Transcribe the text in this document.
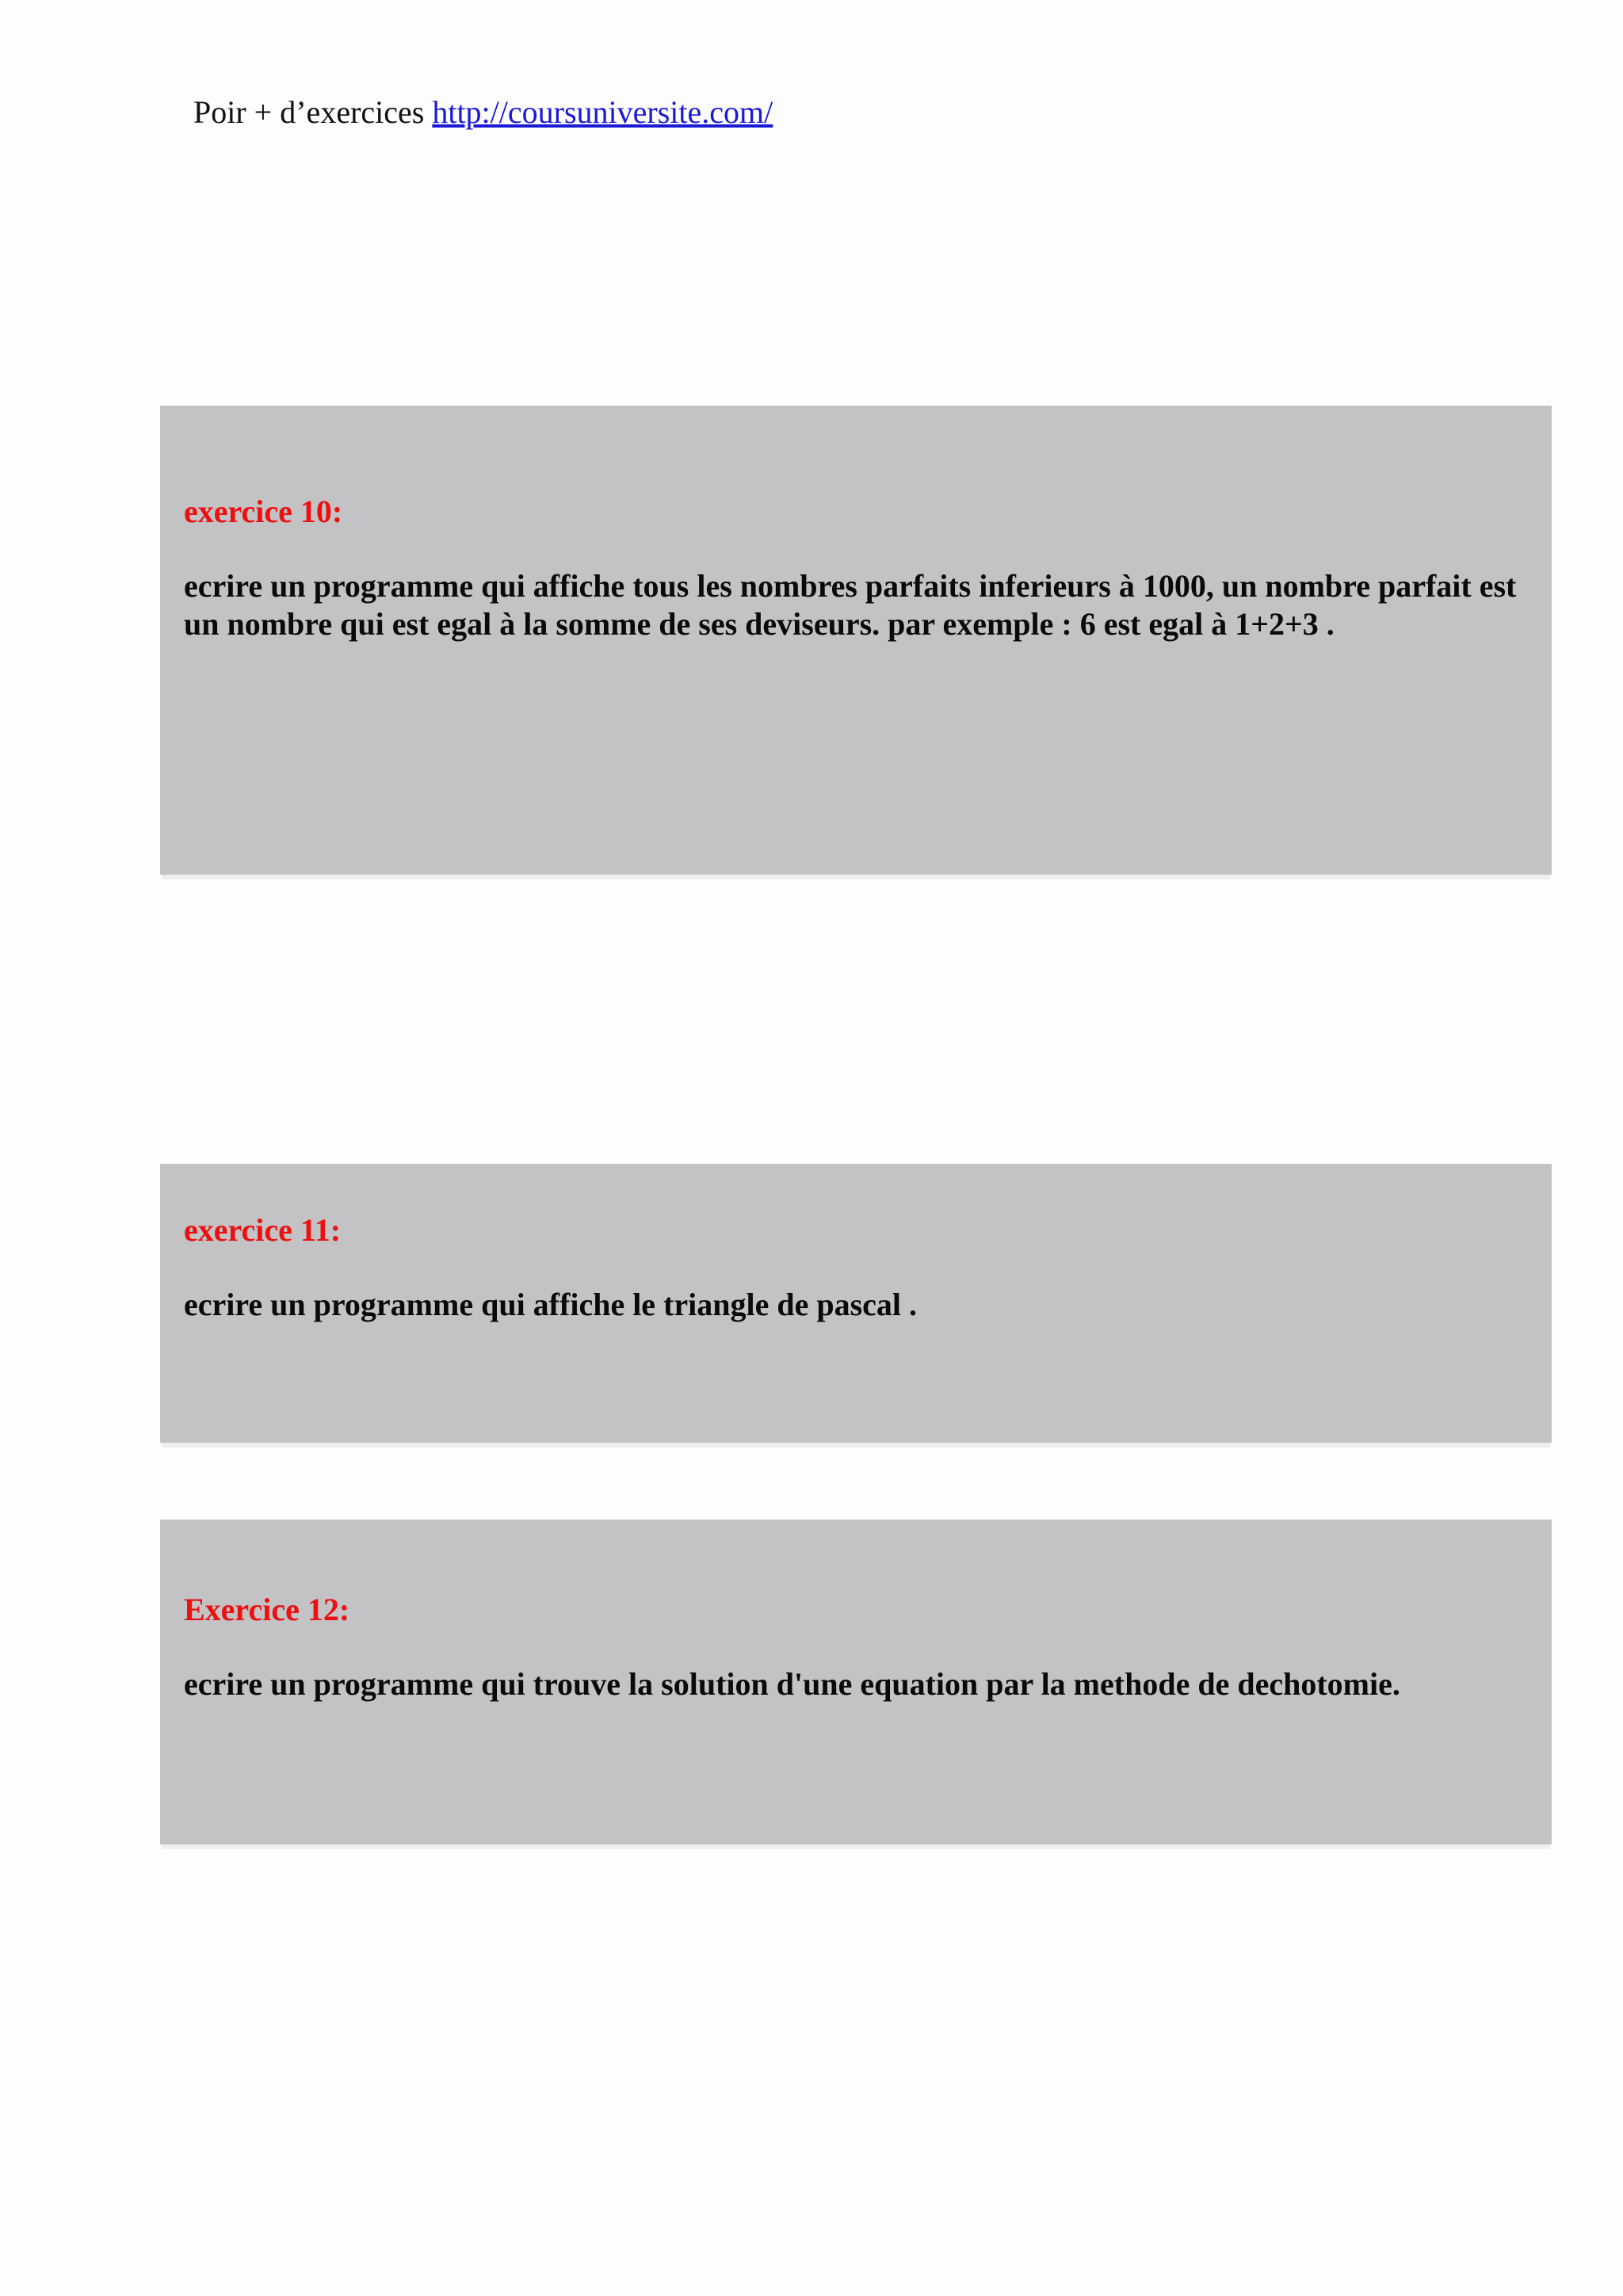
Poir + d’exercices http://coursuniversite.com/
exercice 10:
ecrire un programme qui affiche tous les nombres parfaits inferieurs à 1000, un nombre parfait est un nombre qui est egal à la somme de ses deviseurs. par exemple : 6 est egal à 1+2+3 .
exercice 11:
ecrire un programme qui affiche le triangle de pascal .
Exercice 12:
ecrire un programme qui trouve la solution d'une equation par la methode de dechotomie.
